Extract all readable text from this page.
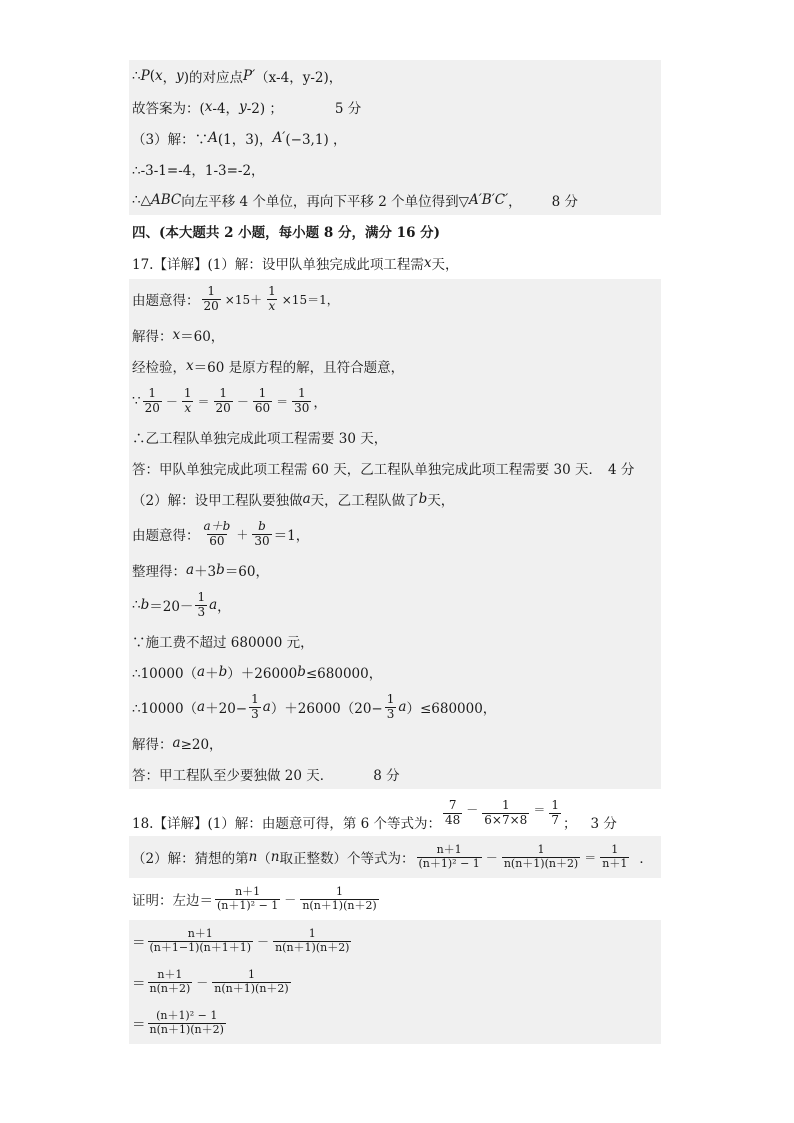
∴ P ( x ， y )的对应点 P′ （x-4，y-2)，
故答案为：( x -4， y -2) ；	5 分
（3）解：∵ A (1，3)， A′ (−3,1) ，
∴-3-1=-4，1-3=-2，
∴△ ABC 向左平移 4 个单位，再向下平移 2 个单位得到▽ A′B′C′ ， 8 分
四、(本大题共 2 小题，每小题 8 分，满分 16 分)
17.【详解】(1）解：设甲队单独完成此项工程需 x 天，
由题意得： $\frac{1}{20} \times 15+ \frac{1}{x} \times 15=1$，
解得： x ＝60，
经检验， x ＝60 是原方程的解，且符合题意，
∵ $\frac{1}{20} - \frac{1}{x} = \frac{1}{20} - \frac{1}{60} = \frac{1}{30}$ ，
∴乙工程队单独完成此项工程需要 30 天，
答：甲队单独完成此项工程需 60 天，乙工程队单独完成此项工程需要 30 天． 4 分
（2）解：设甲工程队要独做 a 天，乙工程队做了 b 天，
由题意得： $\frac{a+b}{60} + \frac{b}{30} =1$，
整理得： a ＋3 b ＝60，
∴ $b =20- \frac{1}{3}$ a ，
∵施工费不超过 680000 元，
∴10000（ a ＋ b ）＋26000 b ≤680000，
∴10000（ $a +20- \frac{1}{3}$ a ）$+26000(20- \frac{1}{3}$ a ）≤680000，
解得： a ≥20，
答：甲工程队至少要独做 20 天．	8 分
18.【详解】(1）解：由题意可得，第 6 个等式为： $\frac{7}{48} - \frac{1}{6\times 7\times 8} = \frac{1}{7}$ ； 3 分
（2）解：猜想的第 n （ n 取正整数）个等式为： $\frac{n+1}{\text{(n＋1)² − 1}} - \frac{1}{n(n+1)(n+2)} = \frac{1}{n+1}$ ．
证明：左边＝ $\frac{n+1}{\text{(n＋1)² − 1}} - \frac{1}{n(n+1)(n+2)}$
＝ $\frac{n+1}{(n+1-1)(n+1+1)} - \frac{1}{n(n+1)(n+2)}$
＝ $\frac{n+1}{n(n+2)} - \frac{1}{n(n+1)(n+2)}$
＝ $\frac{\text{(n＋1)² − 1}}{n(n+1)(n+2)}$
